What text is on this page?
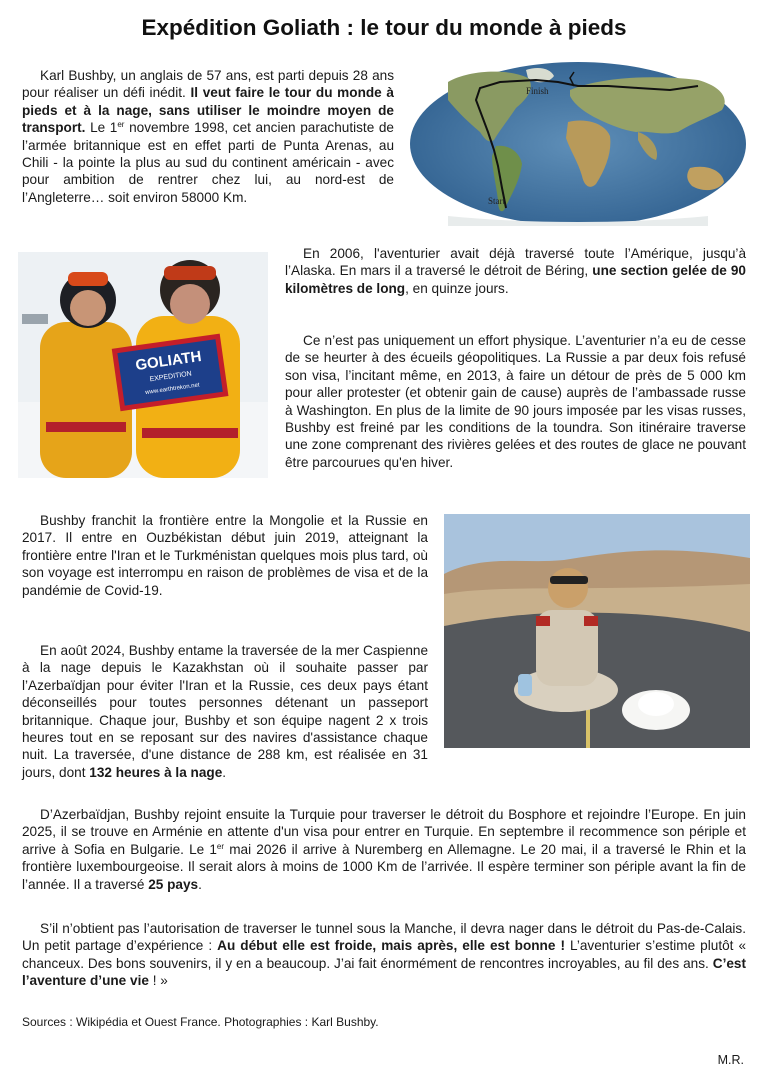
Expédition Goliath : le tour du monde à pieds

Karl Bushby, un anglais de 57 ans, est parti depuis 28 ans pour réaliser un défi inédit. Il veut faire le tour du monde à pieds et à la nage, sans utiliser le moindre moyen de transport. Le 1er novembre 1998, cet ancien parachutiste de l’armée britannique est en effet parti de Punta Arenas, au Chili - la pointe la plus au sud du continent américain - avec pour ambition de rentrer chez lui, au nord-est de l’Angleterre… soit environ 58000 Km.

Finish
Start
GOLIATH
EXPEDITION
www.earthtrekon.net

En 2006, l'aventurier avait déjà traversé toute l’Amérique, jusqu’à l’Alaska. En mars il a traversé le détroit de Béring, une section gelée de 90 kilomètres de long, en quinze jours.

Ce n’est pas uniquement un effort physique. L’aventurier n’a eu de cesse de se heurter à des écueils géopolitiques. La Russie a par deux fois refusé son visa, l’incitant même, en 2013, à faire un détour de près de 5 000 km pour aller protester (et obtenir gain de cause) auprès de l’ambassade russe à Washington. En plus de la limite de 90 jours imposée par les visas russes, Bushby est freiné par les conditions de la toundra. Son itinéraire traverse une zone comprenant des rivières gelées et des routes de glace ne pouvant être parcourues qu'en hiver.

Bushby franchit la frontière entre la Mongolie et la Russie en 2017. Il entre en Ouzbékistan début juin 2019, atteignant la frontière entre l'Iran et le Turkménistan quelques mois plus tard, où son voyage est interrompu en raison de problèmes de visa et de la pandémie de Covid-19.

En août 2024, Bushby entame la traversée de la mer Caspienne à la nage depuis le Kazakhstan où il souhaite passer par l’Azerbaïdjan pour éviter l'Iran et la Russie, ces deux pays étant déconseillés pour toutes personnes détenant un passeport britannique. Chaque jour, Bushby et son équipe nagent 2 x trois heures tout en se reposant sur des navires d'assistance chaque nuit. La traversée, d'une distance de 288 km, est réalisée en 31 jours, dont 132 heures à la nage.

D’Azerbaïdjan, Bushby rejoint ensuite la Turquie pour traverser le détroit du Bosphore et rejoindre l’Europe. En juin 2025, il se trouve en Arménie en attente d'un visa pour entrer en Turquie. En septembre il recommence son périple et arrive à Sofia en Bulgarie. Le 1er mai 2026 il arrive à Nuremberg en Allemagne. Le 20 mai, il a traversé le Rhin et la frontière luxembourgeoise. Il serait alors à moins de 1000 Km de l’arrivée. Il espère terminer son périple avant la fin de l’année. Il a traversé 25 pays.

S’il n’obtient pas l’autorisation de traverser le tunnel sous la Manche, il devra nager dans le détroit du Pas-de-Calais. Un petit partage d’expérience : Au début elle est froide, mais après, elle est bonne ! L’aventurier s’estime plutôt « chanceux. Des bons souvenirs, il y en a beaucoup. J’ai fait énormément de rencontres incroyables, au fil des ans. C’est l’aventure d’une vie ! »

Sources : Wikipédia et Ouest France. Photographies : Karl Bushby.
M.R.
